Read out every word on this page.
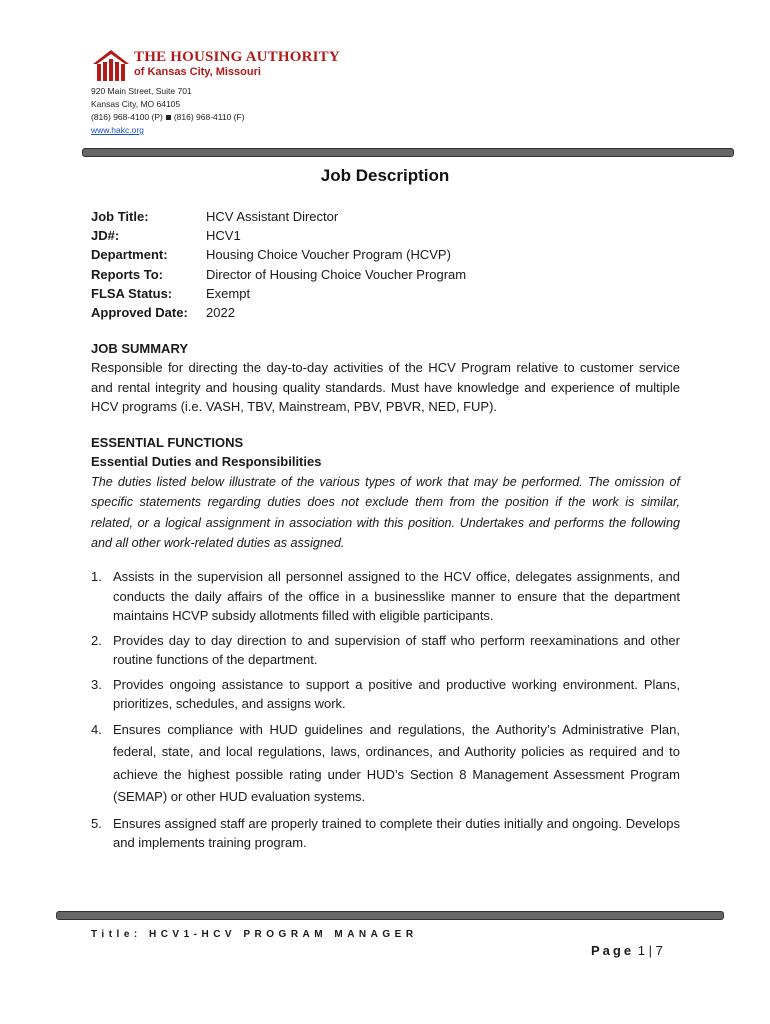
THE HOUSING AUTHORITY
of Kansas City, Missouri
920 Main Street, Suite 701
Kansas City, MO 64105
(816) 968-4100 (P) (816) 968-4110 (F)
www.hakc.org
Job Description
Job Title:	HCV Assistant Director
JD#:	HCV1
Department:	Housing Choice Voucher Program (HCVP)
Reports To:	Director of Housing Choice Voucher Program
FLSA Status:	Exempt
Approved Date:	2022
JOB SUMMARY
Responsible for directing the day-to-day activities of the HCV Program relative to customer service and rental integrity and housing quality standards. Must have knowledge and experience of multiple HCV programs (i.e. VASH, TBV, Mainstream, PBV, PBVR, NED, FUP).
ESSENTIAL FUNCTIONS
Essential Duties and Responsibilities
The duties listed below illustrate of the various types of work that may be performed. The omission of specific statements regarding duties does not exclude them from the position if the work is similar, related, or a logical assignment in association with this position. Undertakes and performs the following and all other work-related duties as assigned.
1. Assists in the supervision all personnel assigned to the HCV office, delegates assignments, and conducts the daily affairs of the office in a businesslike manner to ensure that the department maintains HCVP subsidy allotments filled with eligible participants.
2. Provides day to day direction to and supervision of staff who perform reexaminations and other routine functions of the department.
3. Provides ongoing assistance to support a positive and productive working environment. Plans, prioritizes, schedules, and assigns work.
4. Ensures compliance with HUD guidelines and regulations, the Authority’s Administrative Plan, federal, state, and local regulations, laws, ordinances, and Authority policies as required and to achieve the highest possible rating under HUD’s Section 8 Management Assessment Program (SEMAP) or other HUD evaluation systems.
5. Ensures assigned staff are properly trained to complete their duties initially and ongoing. Develops and implements training program.
Title: HCV1-HCV PROGRAM MANAGER
Page 1 | 7
